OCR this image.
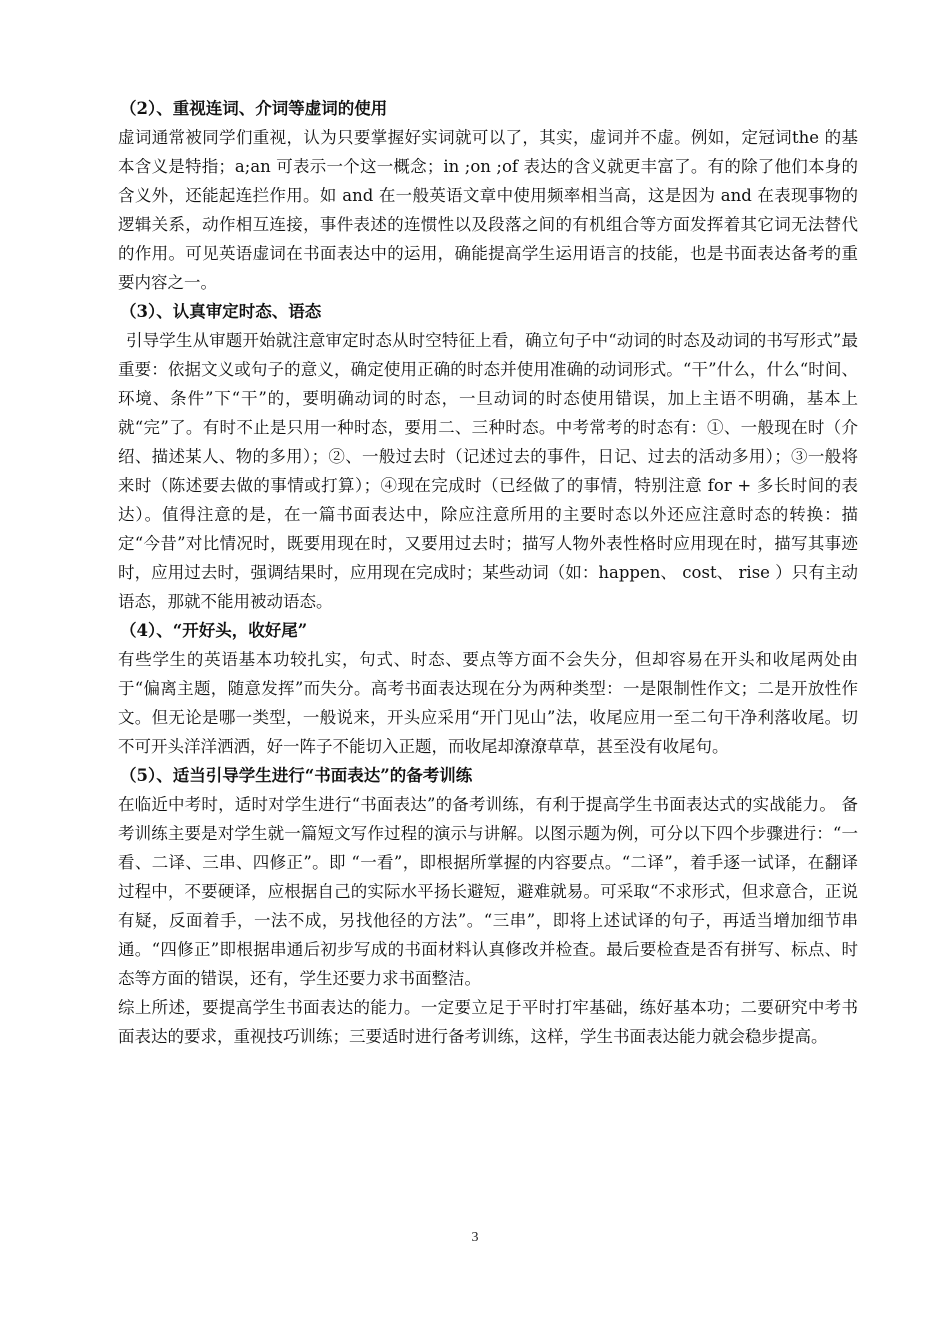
（2）、重视连词、介词等虚词的使用

虚词通常被同学们重视，认为只要掌握好实词就可以了，其实，虚词并不虚。例如，定冠词the 的基本含义是特指；a;an 可表示一个这一概念；in ;on ;of 表达的含义就更丰富了。有的除了他们本身的含义外，还能起连拦作用。如 and 在一般英语文章中使用频率相当高，这是因为 and 在表现事物的逻辑关系，动作相互连接，事件表述的连惯性以及段落之间的有机组合等方面发挥着其它词无法替代的作用。可见英语虚词在书面表达中的运用，确能提高学生运用语言的技能，也是书面表达备考的重要内容之一。

（3）、认真审定时态、语态

引导学生从审题开始就注意审定时态从时空特征上看，确立句子中“动词的时态及动词的书写形式”最重要：依据文义或句子的意义，确定使用正确的时态并使用准确的动词形式。“干”什么，什么“时间、环境、条件”下“干”的，要明确动词的时态，一旦动词的时态使用错误，加上主语不明确，基本上就“完”了。有时不止是只用一种时态，要用二、三种时态。中考常考的时态有：①、一般现在时（介绍、描述某人、物的多用）；②、一般过去时（记述过去的事件，日记、过去的活动多用）；③一般将来时（陈述要去做的事情或打算）；④现在完成时（已经做了的事情，特别注意 for + 多长时间的表达）。值得注意的是，在一篇书面表达中，除应注意所用的主要时态以外还应注意时态的转换：描定“今昔”对比情况时，既要用现在时，又要用过去时；描写人物外表性格时应用现在时，描写其事迹时，应用过去时，强调结果时，应用现在完成时；某些动词（如：happen、 cost、 rise ）只有主动语态，那就不能用被动语态。

（4）、“开好头，收好尾”

有些学生的英语基本功较扎实，句式、时态、要点等方面不会失分，但却容易在开头和收尾两处由于“偏离主题，随意发挥”而失分。高考书面表达现在分为两种类型：一是限制性作文；二是开放性作文。但无论是哪一类型，一般说来，开头应采用“开门见山”法，收尾应用一至二句干净利落收尾。切不可开头洋洋洒洒，好一阵子不能切入正题，而收尾却潦潦草草，甚至没有收尾句。

（5）、适当引导学生进行“书面表达”的备考训练

在临近中考时，适时对学生进行“书面表达”的备考训练，有利于提高学生书面表达式的实战能力。 备考训练主要是对学生就一篇短文写作过程的演示与讲解。以图示题为例，可分以下四个步骤进行：“一看、二译、三串、四修正”。即 “一看”，即根据所掌握的内容要点。“二译”，着手逐一试译，在翻译过程中，不要硬译，应根据自己的实际水平扬长避短，避难就易。可采取“不求形式，但求意合，正说有疑，反面着手，一法不成，另找他径的方法”。“三串”，即将上述试译的句子，再适当增加细节串通。“四修正”即根据串通后初步写成的书面材料认真修改并检查。最后要检查是否有拼写、标点、时态等方面的错误，还有，学生还要力求书面整洁。

综上所述，要提高学生书面表达的能力。一定要立足于平时打牢基础，练好基本功；二要研究中考书面表达的要求，重视技巧训练；三要适时进行备考训练，这样，学生书面表达能力就会稳步提高。

3
